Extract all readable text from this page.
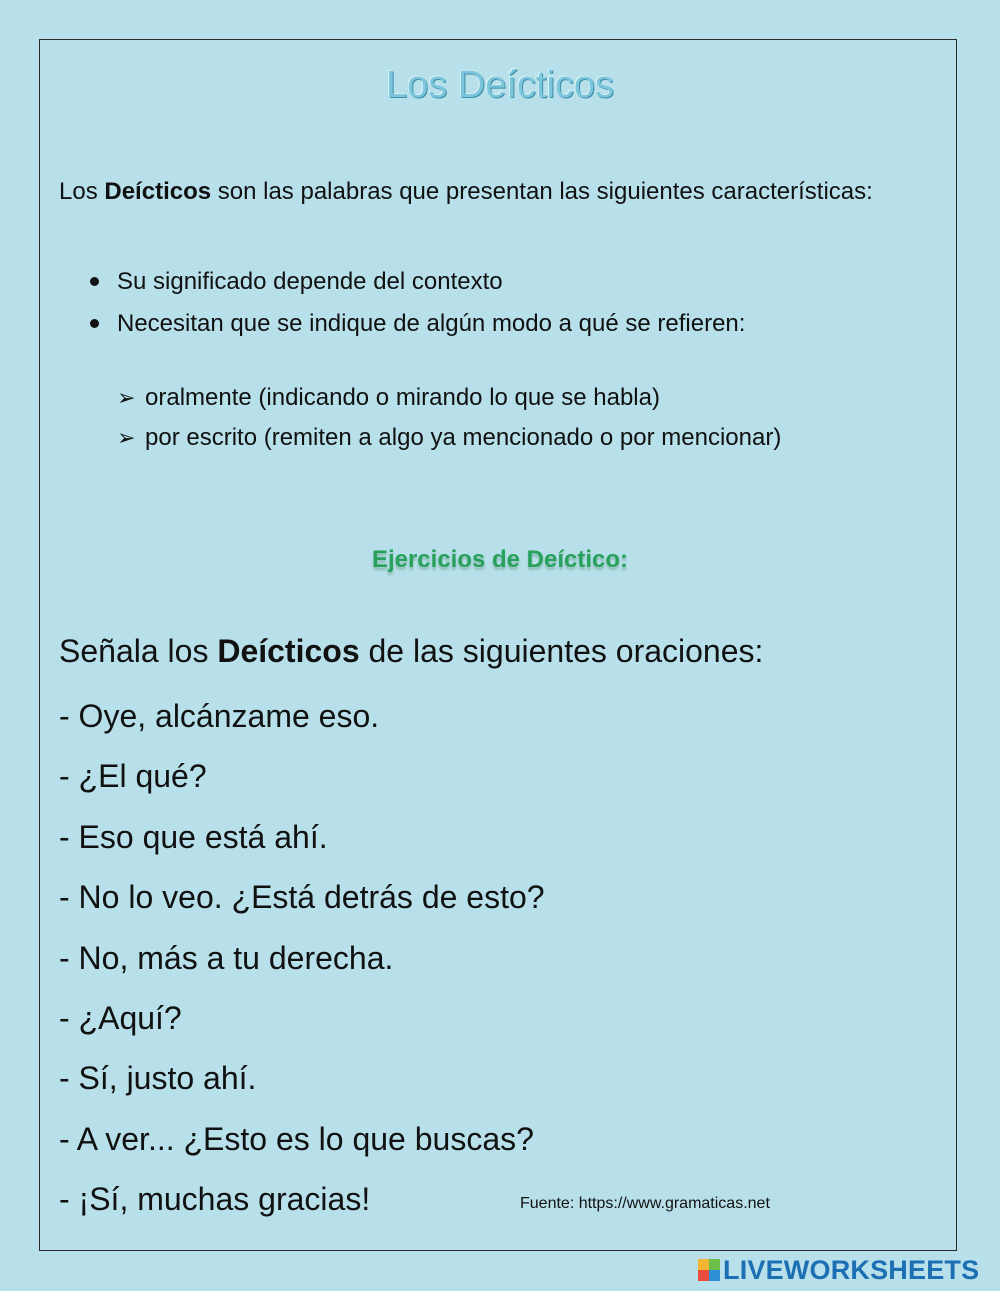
Los Deícticos

Los Deícticos son las palabras que presentan las siguientes características:

Su significado depende del contexto
Necesitan que se indique de algún modo a qué se refieren:
➢ oralmente (indicando o mirando lo que se habla)
➢ por escrito (remiten a algo ya mencionado o por mencionar)
Ejercicios de Deíctico:

Señala los Deícticos de las siguientes oraciones:

- Oye, alcánzame eso.
- ¿El qué?
- Eso que está ahí.
- No lo veo. ¿Está detrás de esto?
- No, más a tu derecha.
- ¿Aquí?
- Sí, justo ahí.
- A ver... ¿Esto es lo que buscas?
- ¡Sí, muchas gracias!	Fuente: https://www.gramaticas.net
LIVEWORKSHEETS
